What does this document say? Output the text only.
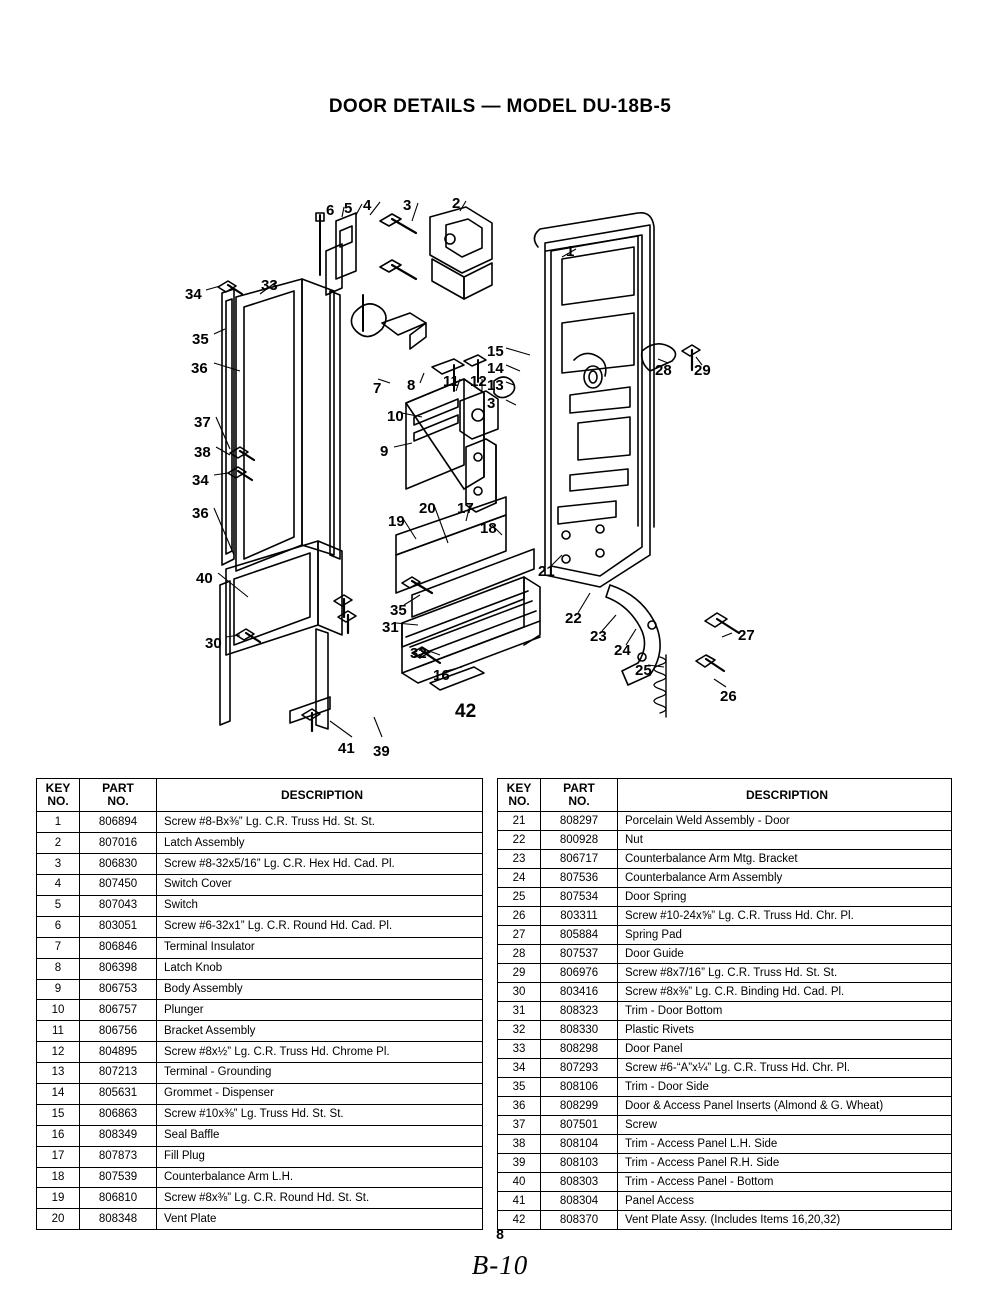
DOOR DETAILS — MODEL DU-18B-5
6 5 4 3	2
1
34
33
35
36
15
14
13
28 29
7 8 11 12
3
37	10
38	9
34
36	20 17
18
19
40	21
22
23
24
35
31
30	27
25
26
32
16
42
41 39
KEY
NO.	PART
NO.	DESCRIPTION
1	806894	Screw #8-Bx⅜” Lg. C.R. Truss Hd. St. St.
2	807016	Latch Assembly
3	806830	Screw #8-32x5/16” Lg. C.R. Hex Hd. Cad. Pl.
4	807450	Switch Cover
5	807043	Switch
6	803051	Screw #6-32x1” Lg. C.R. Round Hd. Cad. Pl.
7	806846	Terminal Insulator
8	806398	Latch Knob
9	806753	Body Assembly
10	806757	Plunger
11	806756	Bracket Assembly
12	804895	Screw #8x½” Lg. C.R. Truss Hd. Chrome Pl.
13	807213	Terminal - Grounding
14	805631	Grommet - Dispenser
15	806863	Screw #10x⅜” Lg. Truss Hd. St. St.
16	808349	Seal Baffle
17	807873	Fill Plug
18	807539	Counterbalance Arm L.H.
19	806810	Screw #8x⅜” Lg. C.R. Round Hd. St. St.
20	808348	Vent Plate
KEY
NO.	PART
NO.	DESCRIPTION
21	808297	Porcelain Weld Assembly - Door
22	800928	Nut
23	806717	Counterbalance Arm Mtg. Bracket
24	807536	Counterbalance Arm Assembly
25	807534	Door Spring
26	803311	Screw #10-24x⅝” Lg. C.R. Truss Hd. Chr. Pl.
27	805884	Spring Pad
28	807537	Door Guide
29	806976	Screw #8x7/16” Lg. C.R. Truss Hd. St. St.
30	803416	Screw #8x⅜” Lg. C.R. Binding Hd. Cad. Pl.
31	808323	Trim - Door Bottom
32	808330	Plastic Rivets
33	808298	Door Panel
34	807293	Screw #6-“A”x¼” Lg. C.R. Truss Hd. Chr. Pl.
35	808106	Trim - Door Side
36	808299	Door & Access Panel Inserts (Almond & G. Wheat)
37	807501	Screw
38	808104	Trim - Access Panel L.H. Side
39	808103	Trim - Access Panel R.H. Side
40	808303	Trim - Access Panel - Bottom
41	808304	Panel Access
42	808370	Vent Plate Assy. (Includes Items 16,20,32)
8
B-10
